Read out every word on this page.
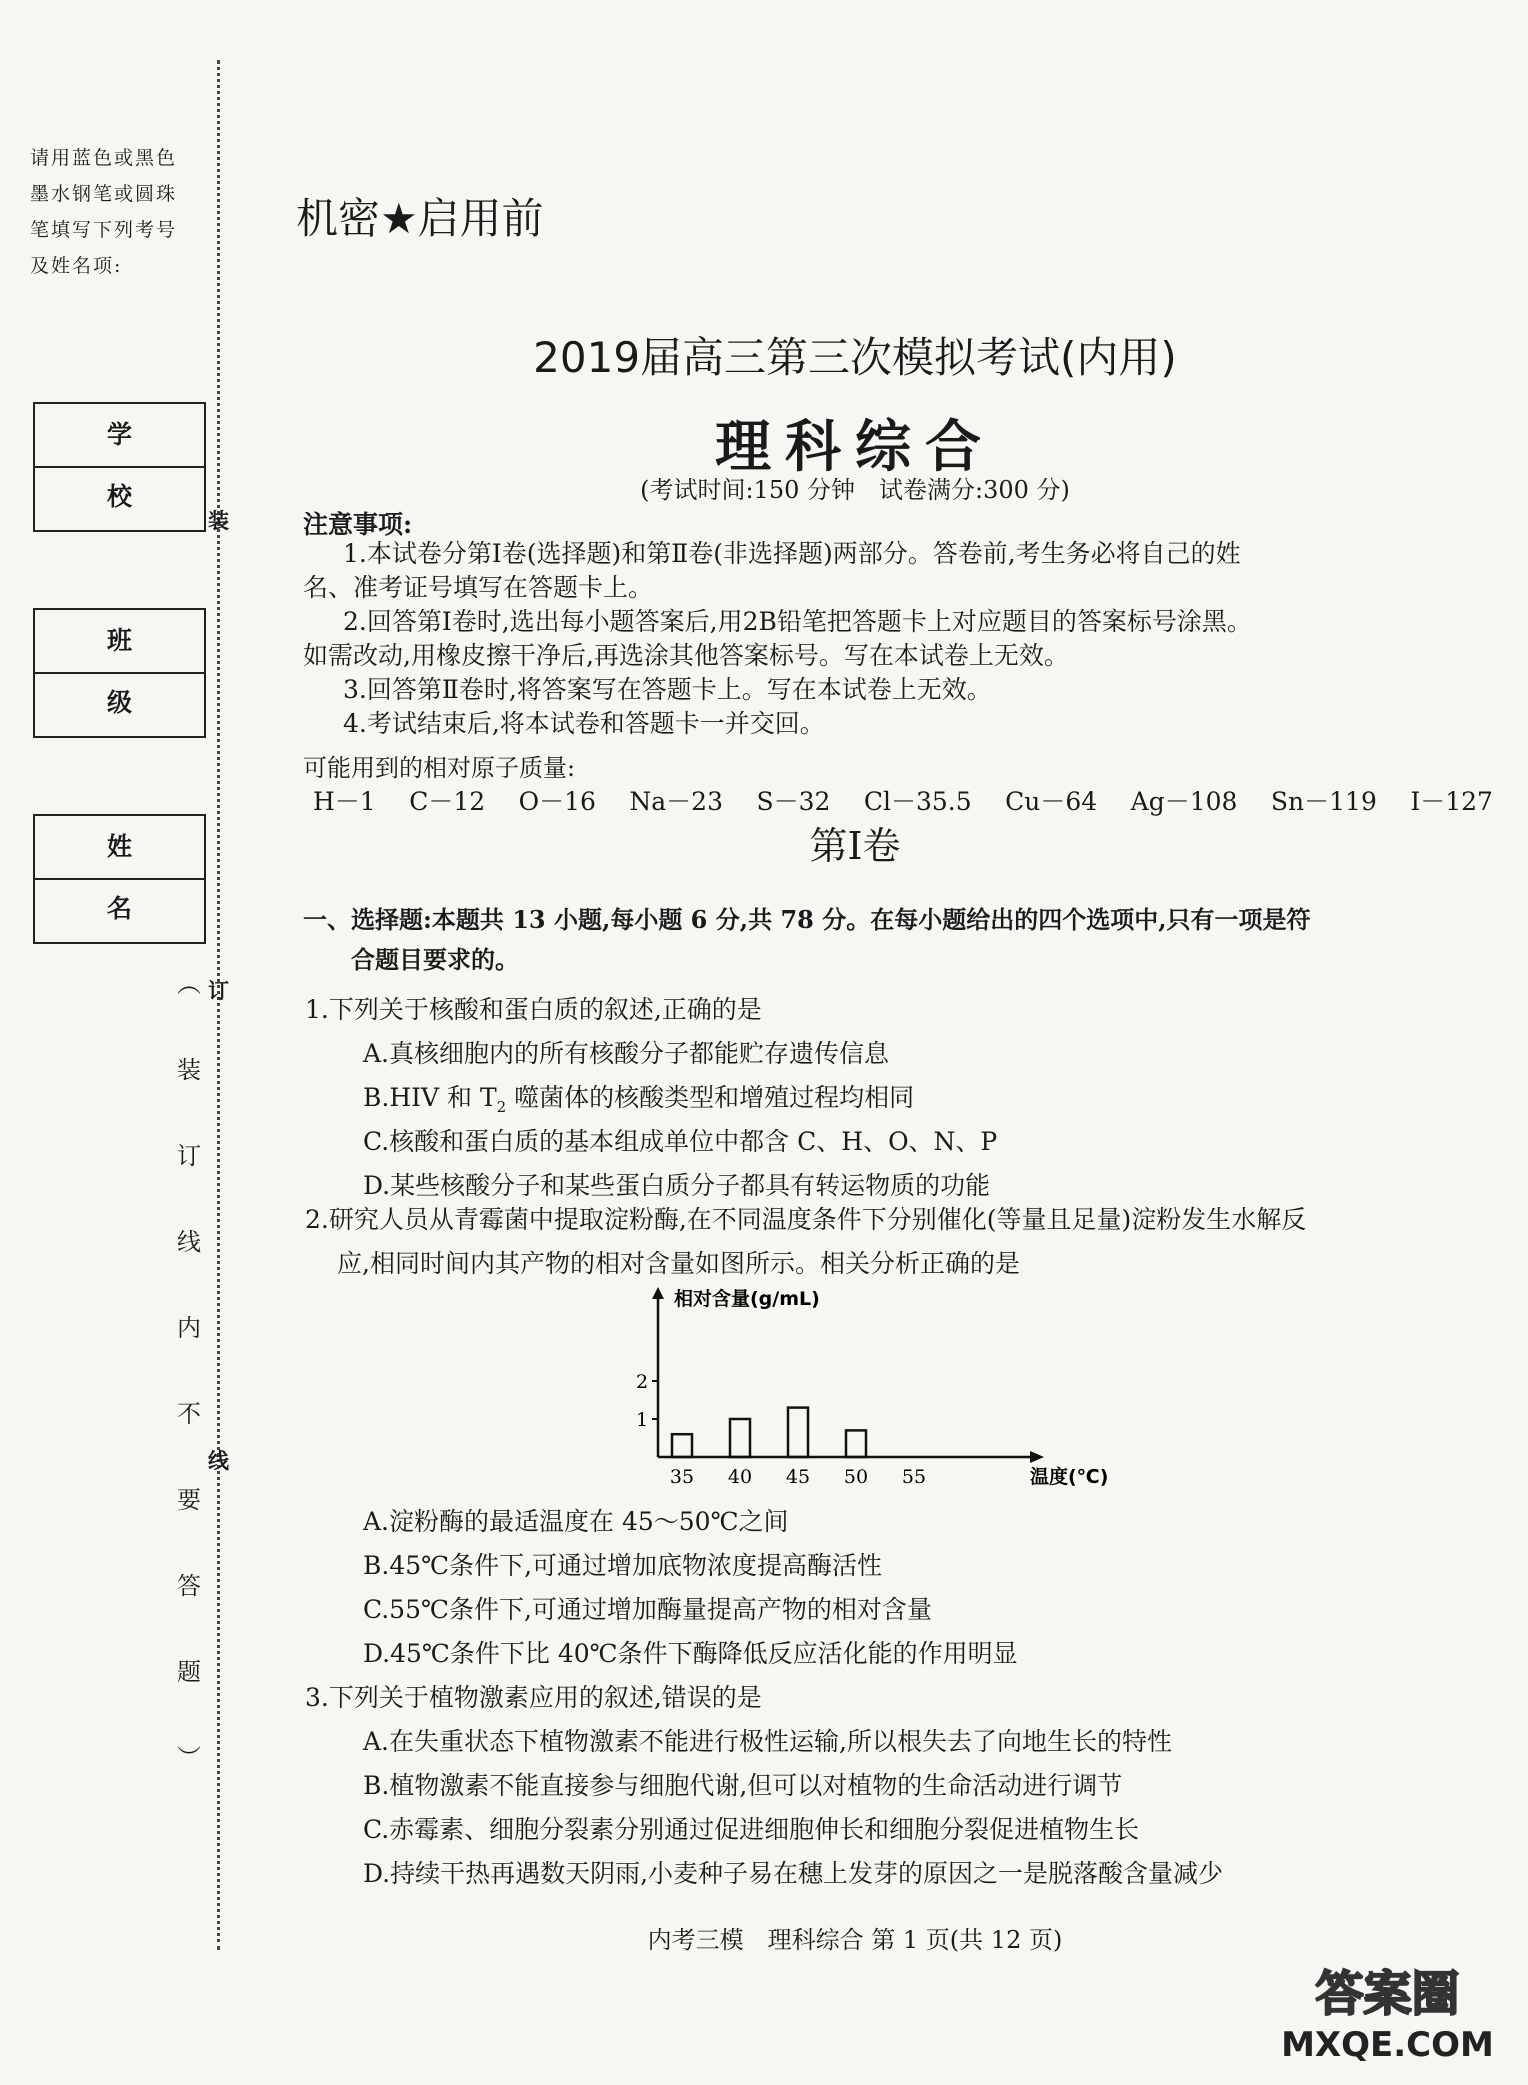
请用蓝色或黑色
墨水钢笔或圆珠
笔填写下列考号
及姓名项:
装
订
线
学 校
班 级
姓 名
︵
装
订
线
内
不
要
答
题
︶
机密★启用前
2019届高三第三次模拟考试(内用)
理科综合
(考试时间:150 分钟　试卷满分:300 分)
注意事项:

1.本试卷分第Ⅰ卷(选择题)和第Ⅱ卷(非选择题)两部分。答卷前,考生务必将自己的姓

名、准考证号填写在答题卡上。

2.回答第Ⅰ卷时,选出每小题答案后,用2B铅笔把答题卡上对应题目的答案标号涂黑。

如需改动,用橡皮擦干净后,再选涂其他答案标号。写在本试卷上无效。

3.回答第Ⅱ卷时,将答案写在答题卡上。写在本试卷上无效。

4.考试结束后,将本试卷和答题卡一并交回。

可能用到的相对原子质量:
H－1 C－12 O－16 Na－23 S－32 Cl－35.5 Cu－64 Ag－108 Sn－119 I－127
第Ⅰ卷
一、选择题:本题共 13 小题,每小题 6 分,共 78 分。在每小题给出的四个选项中,只有一项是符
合题目要求的。
1.下列关于核酸和蛋白质的叙述,正确的是
A.真核细胞内的所有核酸分子都能贮存遗传信息
B.HIV 和 $T_2$ 噬菌体的核酸类型和增殖过程均相同
C.核酸和蛋白质的基本组成单位中都含 C、H、O、N、P
D.某些核酸分子和某些蛋白质分子都具有转运物质的功能
2.研究人员从青霉菌中提取淀粉酶,在不同温度条件下分别催化(等量且足量)淀粉发生水解反
应,相同时间内其产物的相对含量如图所示。相关分析正确的是
相对含量(g/mL)
温度(℃)
1
2
35 40 45 50 55
A.淀粉酶的最适温度在 45～50℃之间
B.45℃条件下,可通过增加底物浓度提高酶活性
C.55℃条件下,可通过增加酶量提高产物的相对含量
D.45℃条件下比 40℃条件下酶降低反应活化能的作用明显
3.下列关于植物激素应用的叙述,错误的是
A.在失重状态下植物激素不能进行极性运输,所以根失去了向地生长的特性
B.植物激素不能直接参与细胞代谢,但可以对植物的生命活动进行调节
C.赤霉素、细胞分裂素分别通过促进细胞伸长和细胞分裂促进植物生长
D.持续干热再遇数天阴雨,小麦种子易在穗上发芽的原因之一是脱落酸含量减少
内考三模　理科综合 第 1 页(共 12 页)
答案圈
MXQE.COM
